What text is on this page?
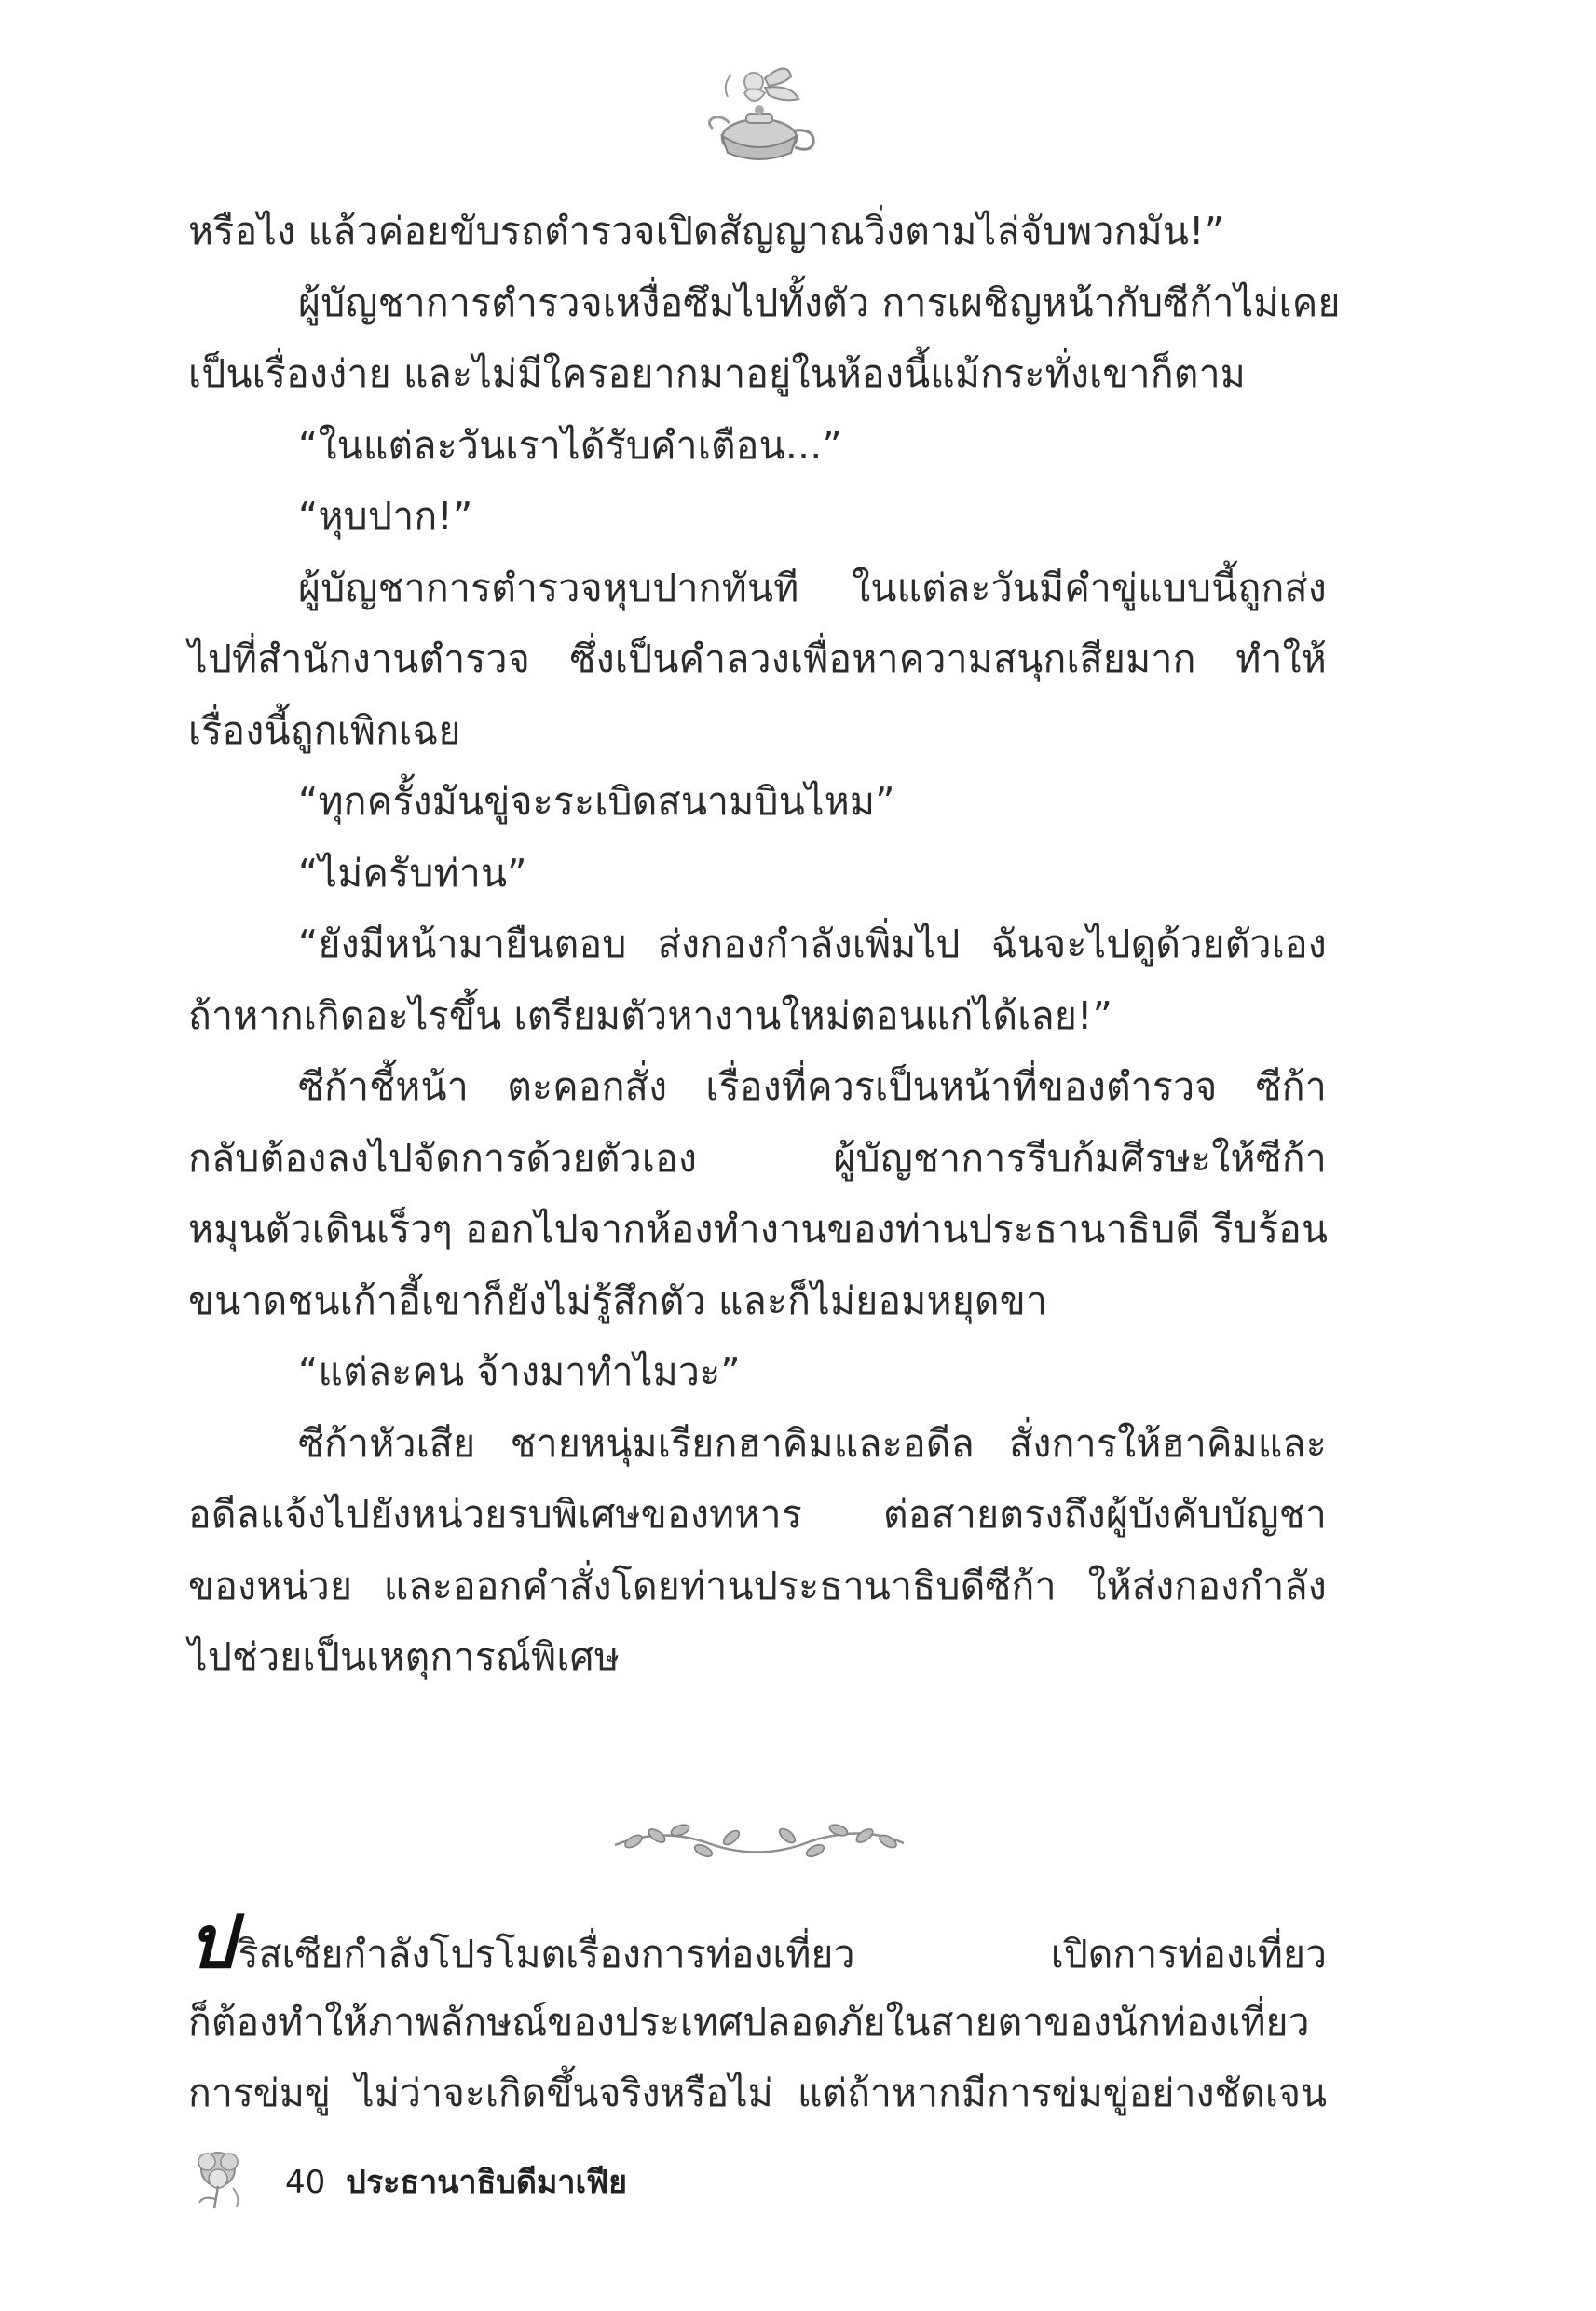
หรือไง แล้วค่อยขับรถตำรวจเปิดสัญญาณวิ่งตามไล่จับพวกมัน!”
ผู้บัญชาการตำรวจเหงื่อซึมไปทั้งตัว การเผชิญหน้ากับซีก้าไม่เคย
เป็นเรื่องง่าย และไม่มีใครอยากมาอยู่ในห้องนี้แม้กระทั่งเขาก็ตาม
“ในแต่ละวันเราได้รับคำเตือน...”
“หุบปาก!”
ผู้บัญชาการตำรวจหุบปากทันที ในแต่ละวันมีคำขู่แบบนี้ถูกส่ง
ไปที่สำนักงานตำรวจ ซึ่งเป็นคำลวงเพื่อหาความสนุกเสียมาก ทำให้
เรื่องนี้ถูกเพิกเฉย
“ทุกครั้งมันขู่จะระเบิดสนามบินไหม”
“ไม่ครับท่าน”
“ยังมีหน้ามายืนตอบ ส่งกองกำลังเพิ่มไป ฉันจะไปดูด้วยตัวเอง
ถ้าหากเกิดอะไรขึ้น เตรียมตัวหางานใหม่ตอนแก่ได้เลย!”
ซีก้าชี้หน้า ตะคอกสั่ง เรื่องที่ควรเป็นหน้าที่ของตำรวจ ซีก้า
กลับต้องลงไปจัดการด้วยตัวเอง ผู้บัญชาการรีบก้มศีรษะให้ซีก้า
หมุนตัวเดินเร็วๆ ออกไปจากห้องทำงานของท่านประธานาธิบดี รีบร้อน
ขนาดชนเก้าอี้เขาก็ยังไม่รู้สึกตัว และก็ไม่ยอมหยุดขา
“แต่ละคน จ้างมาทำไมวะ”
ซีก้าหัวเสีย ชายหนุ่มเรียกฮาคิมและอดีล สั่งการให้ฮาคิมและ
อดีลแจ้งไปยังหน่วยรบพิเศษของทหาร ต่อสายตรงถึงผู้บังคับบัญชา
ของหน่วย และออกคำสั่งโดยท่านประธานาธิบดีซีก้า ให้ส่งกองกำลัง
ไปช่วยเป็นเหตุการณ์พิเศษ
ปริสเซียกำลังโปรโมตเรื่องการท่องเที่ยว เปิดการท่องเที่ยว
ก็ต้องทำให้ภาพลักษณ์ของประเทศปลอดภัยในสายตาของนักท่องเที่ยว
การข่มขู่ ไม่ว่าจะเกิดขึ้นจริงหรือไม่ แต่ถ้าหากมีการข่มขู่อย่างชัดเจน
40 ประธานาธิบดีมาเฟีย
